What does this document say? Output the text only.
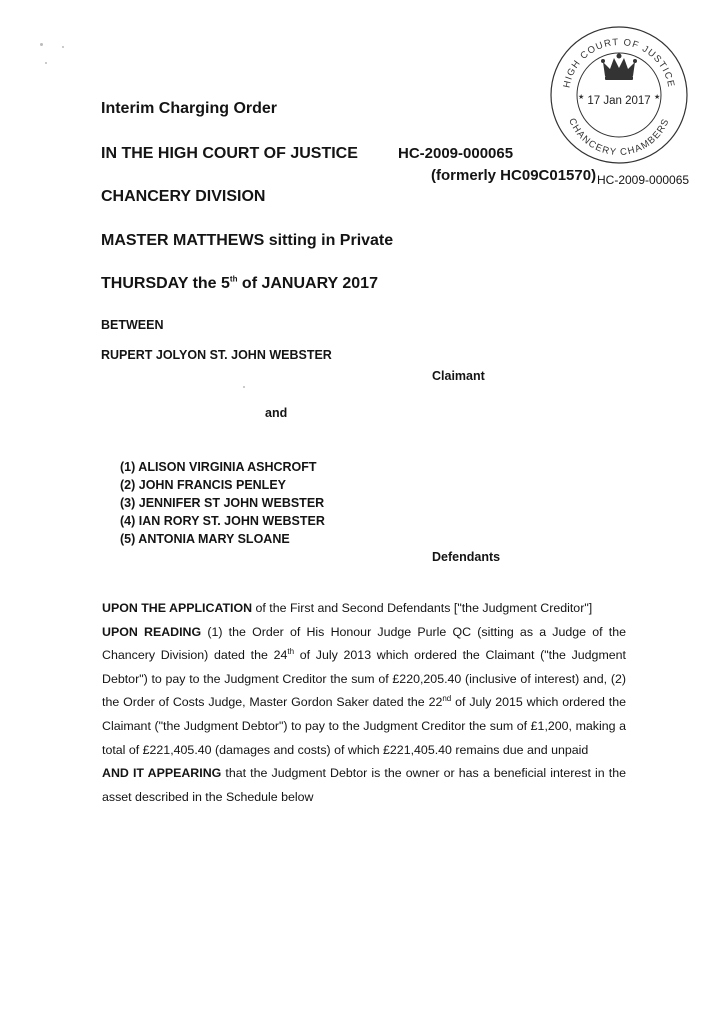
Interim Charging Order
IN THE HIGH COURT OF JUSTICE	HC-2009-000065
(formerly HC09C01570) HC-2009-000065
CHANCERY DIVISION
MASTER MATTHEWS sitting in Private
THURSDAY the 5th of JANUARY 2017
HIGH COURT OF JUSTICE
CHANCERY CHAMBERS
★	★
17 Jan 2017
BETWEEN
RUPERT JOLYON ST. JOHN WEBSTER
Claimant
and
(1) ALISON VIRGINIA ASHCROFT
(2) JOHN FRANCIS PENLEY
(3) JENNIFER ST JOHN WEBSTER
(4) IAN RORY ST. JOHN WEBSTER
(5) ANTONIA MARY SLOANE
Defendants

UPON THE APPLICATION of the First and Second Defendants ["the Judgment Creditor"]

UPON READING (1) the Order of His Honour Judge Purle QC (sitting as a Judge of the Chancery Division) dated the 24th of July 2013 which ordered the Claimant ("the Judgment Debtor") to pay to the Judgment Creditor the sum of £220,205.40 (inclusive of interest) and, (2) the Order of Costs Judge, Master Gordon Saker dated the 22nd of July 2015 which ordered the Claimant ("the Judgment Debtor") to pay to the Judgment Creditor the sum of £1,200, making a total of £221,405.40 (damages and costs) of which £221,405.40 remains due and unpaid

AND IT APPEARING that the Judgment Debtor is the owner or has a beneficial interest in the asset described in the Schedule below
